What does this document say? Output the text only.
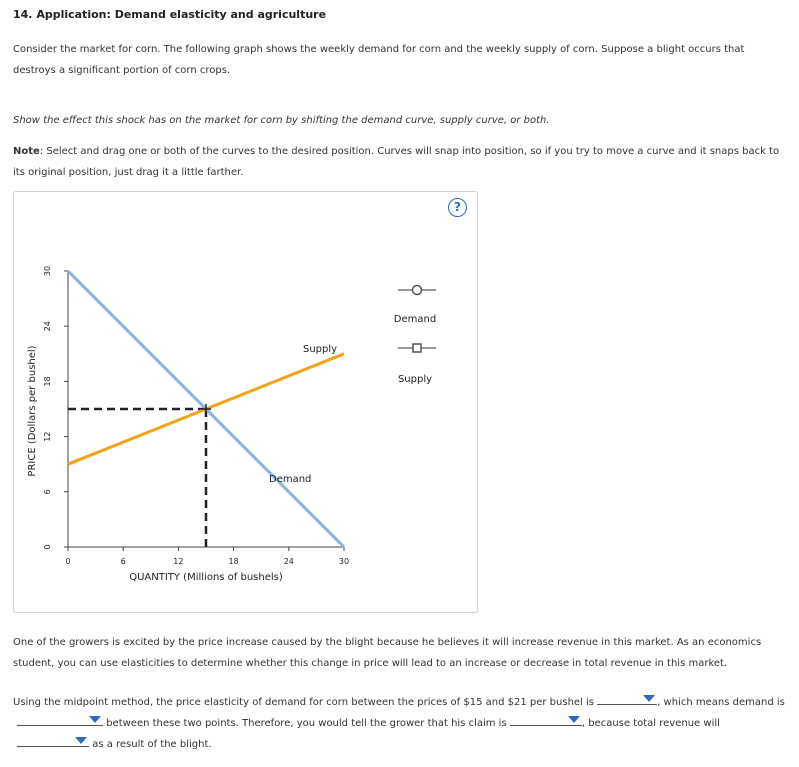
14. Application: Demand elasticity and agriculture
Consider the market for corn. The following graph shows the weekly demand for corn and the weekly supply of corn. Suppose a blight occurs that
destroys a significant portion of corn crops.
Show the effect this shock has on the market for corn by shifting the demand curve, supply curve, or both.
Note: Select and drag one or both of the curves to the desired position. Curves will snap into position, so if you try to move a curve and it snaps back to
its original position, just drag it a little farther.
?
0	6	12	18	24	30
0
6
12
18
24
30
Demand
Supply
QUANTITY (Millions of bushels)
PRICE (Dollars per bushel)
Demand
Supply
One of the growers is excited by the price increase caused by the blight because he believes it will increase revenue in this market. As an economics
student, you can use elasticities to determine whether this change in price will lead to an increase or decrease in total revenue in this market.
Using the midpoint method, the price elasticity of demand for corn between the prices of $15 and $21 per bushel is	, which means demand is
between these two points. Therefore, you would tell the grower that his claim is	, because total revenue will
as a result of the blight.
